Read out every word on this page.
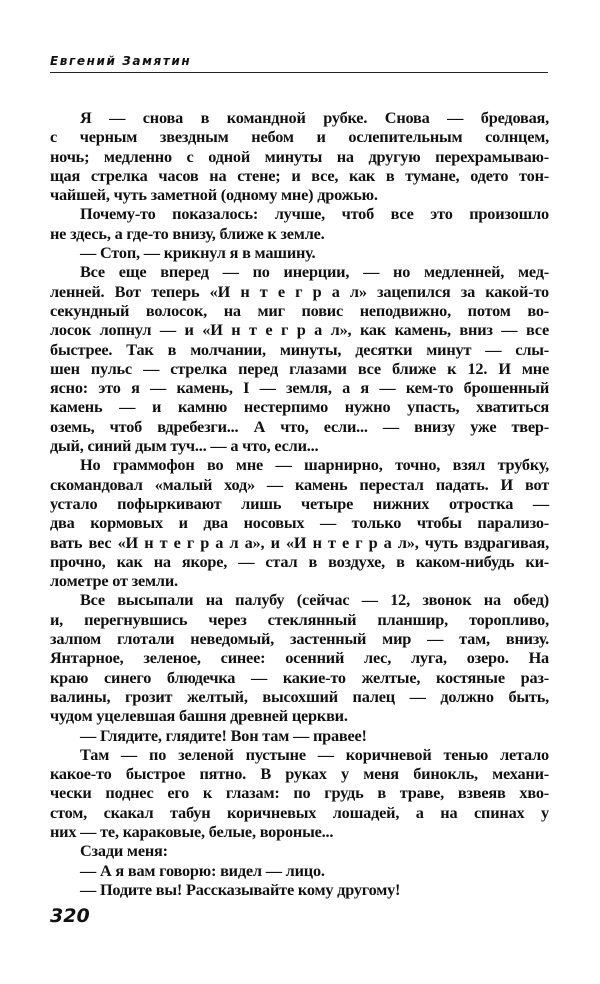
Евгений Замятин
Я — снова в командной рубке. Снова — бредовая,
с черным звездным небом и ослепительным солнцем,
ночь; медленно с одной минуты на другую перехрамываю-
щая стрелка часов на стене; и все, как в тумане, одето тон-
чайшей, чуть заметной (одному мне) дрожью.
Почему-то показалось: лучше, чтоб все это произошло
не здесь, а где-то внизу, ближе к земле.
— Стоп, — крикнул я в машину.
Все еще вперед — по инерции, — но медленней, мед-
ленней. Вот теперь «И н т е г р а л» зацепился за какой-то
секундный волосок, на миг повис неподвижно, потом во-
лосок лопнул — и «И н т е г р а л», как камень, вниз — все
быстрее. Так в молчании, минуты, десятки минут — слы-
шен пульс — стрелка перед глазами все ближе к 12. И мне
ясно: это я — камень, I — земля, а я — кем-то брошенный
камень — и камню нестерпимо нужно упасть, хватиться
оземь, чтоб вдребезги... А что, если... — внизу уже твер-
дый, синий дым туч... — а что, если...
Но граммофон во мне — шарнирно, точно, взял трубку,
скомандовал «малый ход» — камень перестал падать. И вот
устало пофыркивают лишь четыре нижних отростка —
два кормовых и два носовых — только чтобы парализо-
вать вес «И н т е г р а л а», и «И н т е г р а л», чуть вздрагивая,
прочно, как на якоре, — стал в воздухе, в каком-нибудь ки-
лометре от земли.
Все высыпали на палубу (сейчас — 12, звонок на обед)
и, перегнувшись через стеклянный планшир, торопливо,
залпом глотали неведомый, застенный мир — там, внизу.
Янтарное, зеленое, синее: осенний лес, луга, озеро. На
краю синего блюдечка — какие-то желтые, костяные раз-
валины, грозит желтый, высохший палец — должно быть,
чудом уцелевшая башня древней церкви.
— Глядите, глядите! Вон там — правее!
Там — по зеленой пустыне — коричневой тенью летало
какое-то быстрое пятно. В руках у меня бинокль, механи-
чески поднес его к глазам: по грудь в траве, взвеяв хво-
стом, скакал табун коричневых лошадей, а на спинах у
них — те, караковые, белые, вороные...
Сзади меня:
— А я вам говорю: видел — лицо.
— Подите вы! Рассказывайте кому другому!
320
